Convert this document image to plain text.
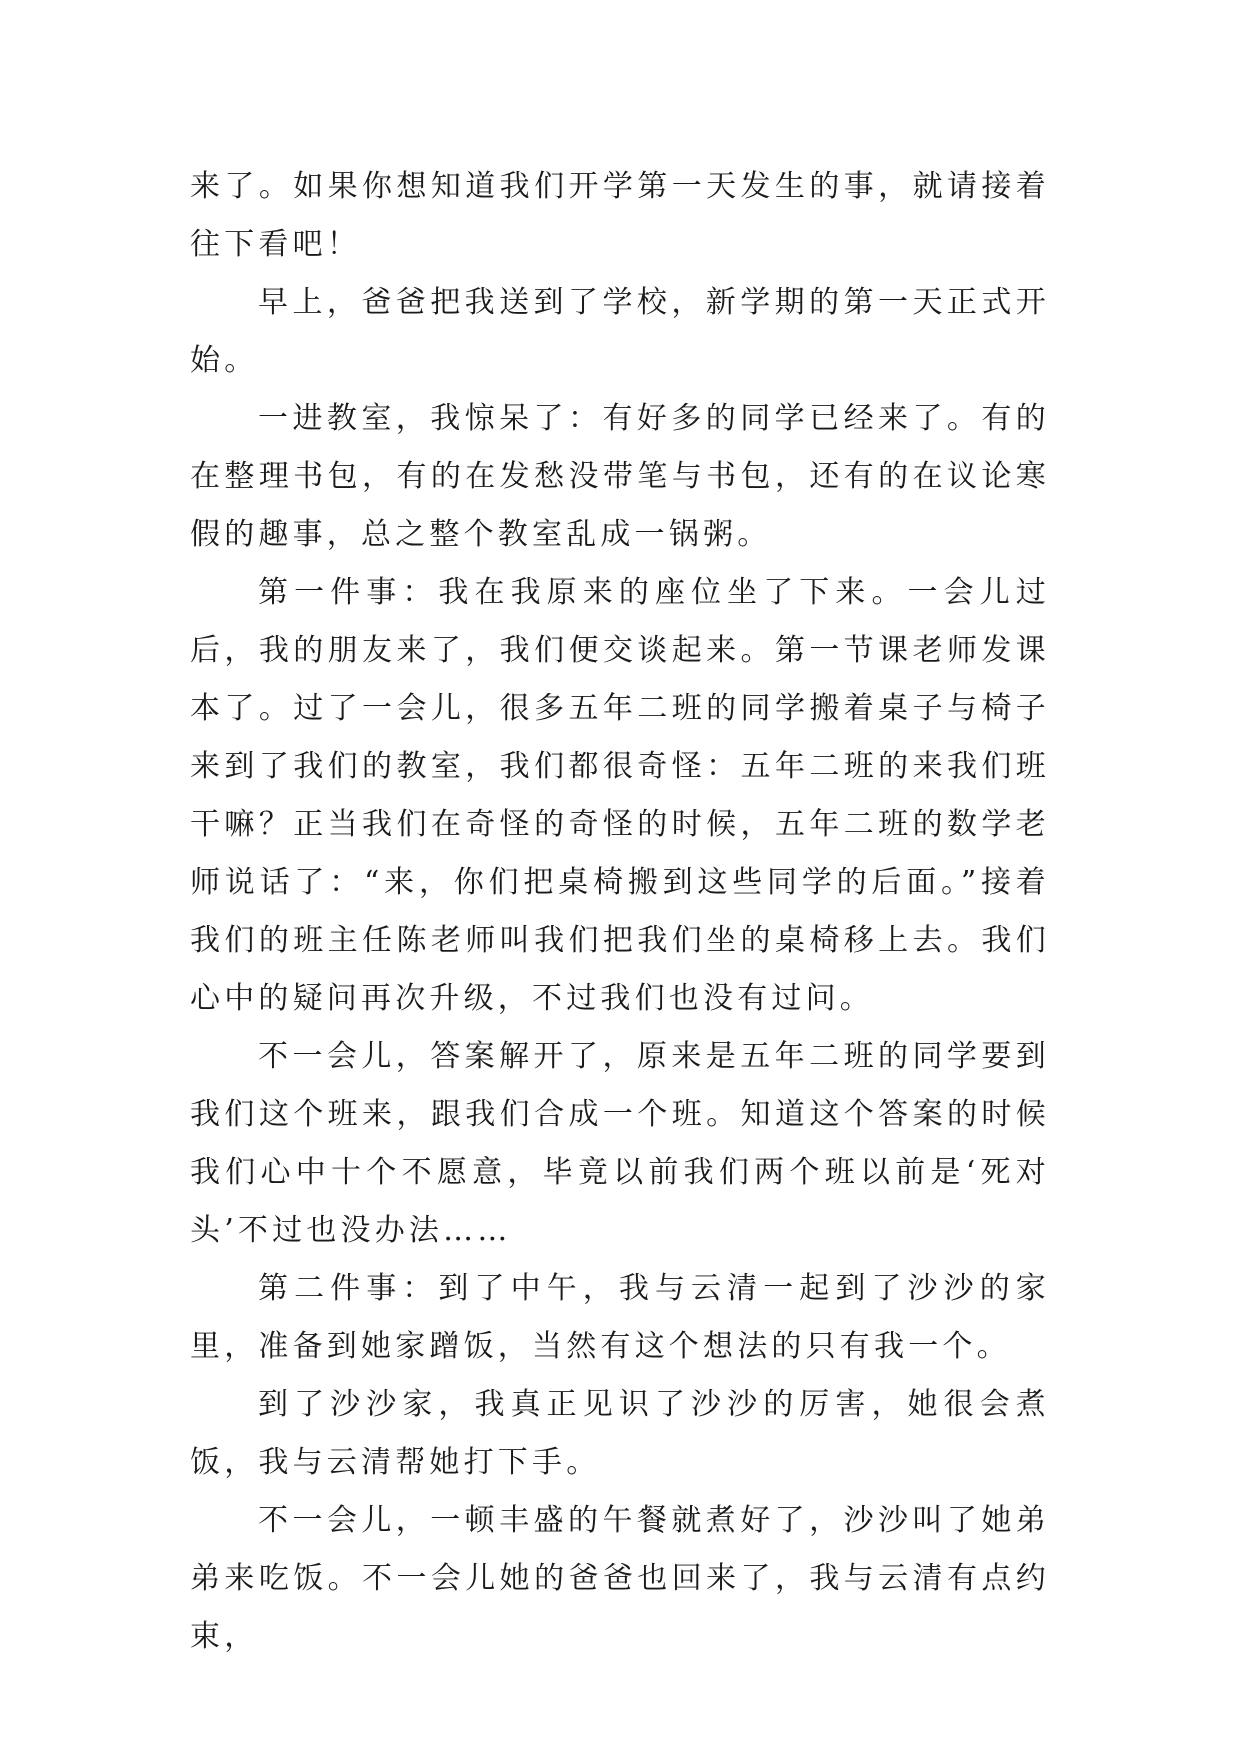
来了。如果你想知道我们开学第一天发生的事，就请接着往下看吧！

早上，爸爸把我送到了学校，新学期的第一天正式开始。

一进教室，我惊呆了：有好多的同学已经来了。有的在整理书包，有的在发愁没带笔与书包，还有的在议论寒假的趣事，总之整个教室乱成一锅粥。

第一件事：我在我原来的座位坐了下来。一会儿过后，我的朋友来了，我们便交谈起来。第一节课老师发课本了。过了一会儿，很多五年二班的同学搬着桌子与椅子来到了我们的教室，我们都很奇怪：五年二班的来我们班干嘛？正当我们在奇怪的奇怪的时候，五年二班的数学老师说话了：“来，你们把桌椅搬到这些同学的后面。”接着我们的班主任陈老师叫我们把我们坐的桌椅移上去。我们心中的疑问再次升级，不过我们也没有过问。

不一会儿，答案解开了，原来是五年二班的同学要到我们这个班来，跟我们合成一个班。知道这个答案的时候我们心中十个不愿意，毕竟以前我们两个班以前是‘死对头’不过也没办法……

第二件事：到了中午，我与云清一起到了沙沙的家里，准备到她家蹭饭，当然有这个想法的只有我一个。

到了沙沙家，我真正见识了沙沙的厉害，她很会煮饭，我与云清帮她打下手。

不一会儿，一顿丰盛的午餐就煮好了，沙沙叫了她弟弟来吃饭。不一会儿她的爸爸也回来了，我与云清有点约束，
